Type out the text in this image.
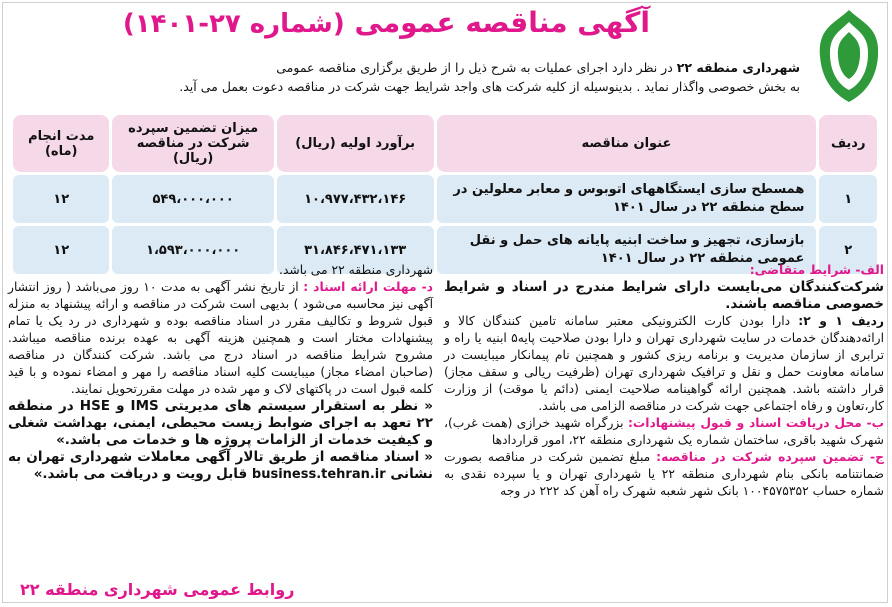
آگهی مناقصه عمومی (شماره ۲۷-۱۴۰۱)
شهرداری منطقه ۲۲ در نظر دارد اجرای عملیات به شرح ذیل را از طریق برگزاری مناقصه عمومی
به بخش خصوصی واگذار نماید . بدینوسیله از کلیه شرکت های واجد شرایط جهت شرکت در مناقصه دعوت بعمل می آید.
ردیف	عنوان مناقصه	برآورد اولیه (ریال)	میزان تضمین سپرده شرکت در مناقصه (ریال)	مدت انجام (ماه)
۱	همسطح سازی ایستگاههای اتوبوس و معابر معلولین در سطح منطقه ۲۲ در سال ۱۴۰۱	۱۰،۹۷۷،۴۳۲،۱۴۶	۵۴۹،۰۰۰،۰۰۰	۱۲
۲	بازسازی، تجهیز و ساخت ابنیه پایانه های حمل و نقل عمومی منطقه ۲۲ در سال ۱۴۰۱	۳۱،۸۴۶،۴۷۱،۱۳۳	۱،۵۹۳،۰۰۰،۰۰۰	۱۲
الف- شرایط متقاضی:
شرکت‌کنندگان می‌بایست دارای شرایط مندرج در اسناد و شرایط خصوصی مناقصه باشند.
ردیف ۱ و ۲: دارا بودن کارت الکترونیکی معتبر سامانه تامین کنندگان کالا و ارائه‌دهندگان خدمات در سایت شهرداری تهران و دارا بودن صلاحیت پایه۵ ابنیه یا راه و ترابری از سازمان مدیریت و برنامه ریزی کشور و همچنین نام پیمانکار میبایست در سامانه معاونت حمل و نقل و ترافیک شهرداری تهران (ظرفیت ریالی و سقف مجاز) قرار داشته باشد. همچنین ارائه گواهینامه صلاحیت ایمنی (دائم یا موقت) از وزارت کار،تعاون و رفاه اجتماعی جهت شرکت در مناقصه الزامی می باشد.
ب- محل دریافت اسناد و قبول پیشنهادات: بزرگراه شهید خرازی (همت غرب)، شهرک شهید باقری، ساختمان شماره یک شهرداری منطقه ۲۲، امور قراردادها
ج- تضمین سپرده شرکت در مناقصه: مبلغ تضمین شرکت در مناقصه بصورت ضمانتنامه بانکی بنام شهرداری منطقه ۲۲ یا شهرداری تهران و یا سپرده نقدی به شماره حساب ۱۰۰۴۵۷۵۳۵۲ بانک شهر شعبه شهرک راه آهن کد ۲۲۲ در وجه
شهرداری منطقه ۲۲ می باشد.
د- مهلت ارائه اسناد : از تاریخ نشر آگهی به مدت ۱۰ روز می‌باشد ( روز انتشار آگهی نیز محاسبه می‌شود ) بدیهی است شرکت در مناقصه و ارائه پیشنهاد به منزله قبول شروط و تکالیف مقرر در اسناد مناقصه بوده و شهرداری در رد یک یا تمام پیشنهادات مختار است و همچنین هزینه آگهی به عهده برنده مناقصه میباشد. مشروح شرایط مناقصه در اسناد درج می باشد. شرکت کنندگان در مناقصه (صاحبان امضاء مجاز) میبایست کلیه اسناد مناقصه را مهر و امضاء نموده و با قید کلمه قبول است در پاکتهای لاک و مهر شده در مهلت مقررتحویل نمایند.
« نظر به استقرار سیستم های مدیریتی IMS و HSE در منطقه ۲۲ تعهد به اجرای ضوابط زیست محیطی، ایمنی، بهداشت شغلی و کیفیت خدمات از الزامات پروژه ها و خدمات می باشد.»
« اسناد مناقصه از طریق تالار آگهی معاملات شهرداری تهران به نشانی business.tehran.ir قابل رویت و دریافت می باشد.»
روابط عمومی شهرداری منطقه ۲۲
